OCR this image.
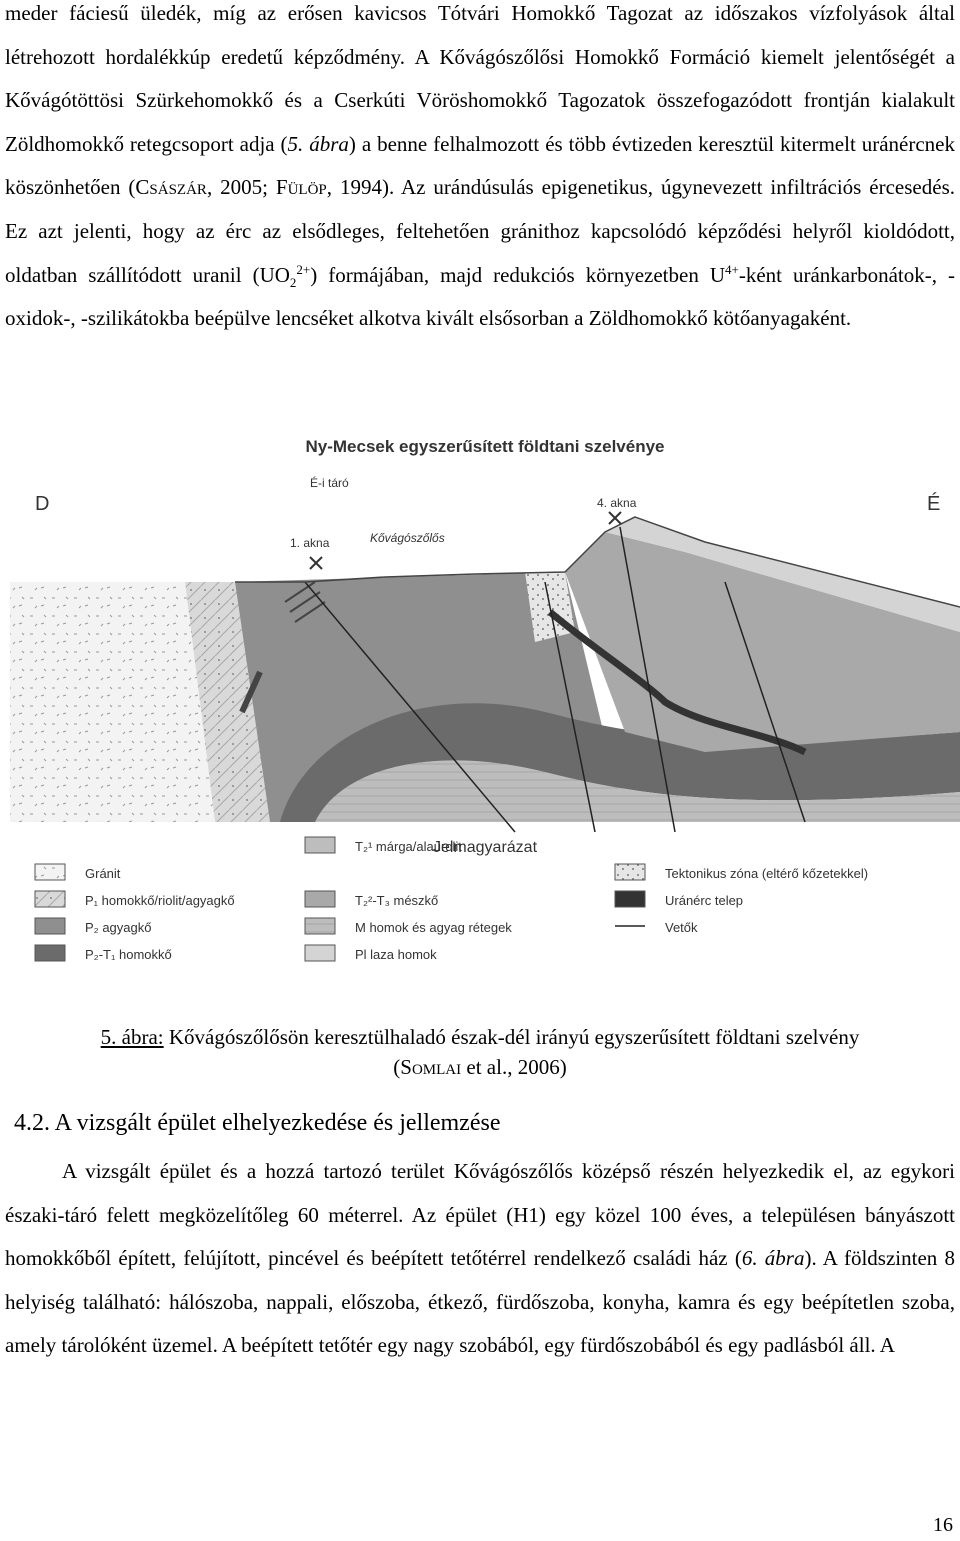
meder fáciesű üledék, míg az erősen kavicsos Tótvári Homokkő Tagozat az időszakos vízfolyások által létrehozott hordalékkúp eredetű képződmény. A Kővágószőlősi Homokkő Formáció kiemelt jelentőségét a Kővágótöttösi Szürkehomokkő és a Cserkúti Vöröshomokkő Tagozatok összefogazódott frontján kialakult Zöldhomokkő retegcsoport adja (5. ábra) a benne felhalmozott és több évtizeden keresztül kitermelt uránércnek köszönhetően (Császár, 2005; Fülöp, 1994). Az urándúsulás epigenetikus, úgynevezett infiltrációs ércesedés. Ez azt jelenti, hogy az érc az elsődleges, feltehetően gránithoz kapcsolódó képződési helyről kioldódott, oldatban szállítódott uranil $(UO_2^{2+})$ formájában, majd redukciós környezetben $U^{4+}$-ként uránkarbonátok-, -oxidok-, -szilikátokba beépülve lencséket alkotva kivált elsősorban a Zöldhomokkő kötőanyagaként.
Ny-Mecsek egyszerűsített földtani szelvénye
D	É
É-i táró
1. akna
4. akna
Kővágószőlős
Jelmagyarázat
Gránit
P₁ homokkő/riolit/agyagkő
P₂ agyagkő
P₂-T₁ homokkő
T₂¹ márga/alaurolit
T₂²-T₃ mészkő
M homok és agyag rétegek
Pl laza homok
Tektonikus zóna (eltérő kőzetekkel)
Uránérc telep
Vetők
5. ábra: Kővágószőlősön keresztülhaladó észak-dél irányú egyszerűsített földtani szelvény
(Somlai et al., 2006)
4.2. A vizsgált épület elhelyezkedése és jellemzése
A vizsgált épület és a hozzá tartozó terület Kővágószőlős középső részén helyezkedik el, az egykori északi-táró felett megközelítőleg 60 méterrel. Az épület (H1) egy közel 100 éves, a településen bányászott homokkőből épített, felújított, pincével és beépített tetőtérrel rendelkező családi ház (6. ábra). A földszinten 8 helyiség található: hálószoba, nappali, előszoba, étkező, fürdőszoba, konyha, kamra és egy beépítetlen szoba, amely tárolóként üzemel. A beépített tetőtér egy nagy szobából, egy fürdőszobából és egy padlásból áll. A
16
